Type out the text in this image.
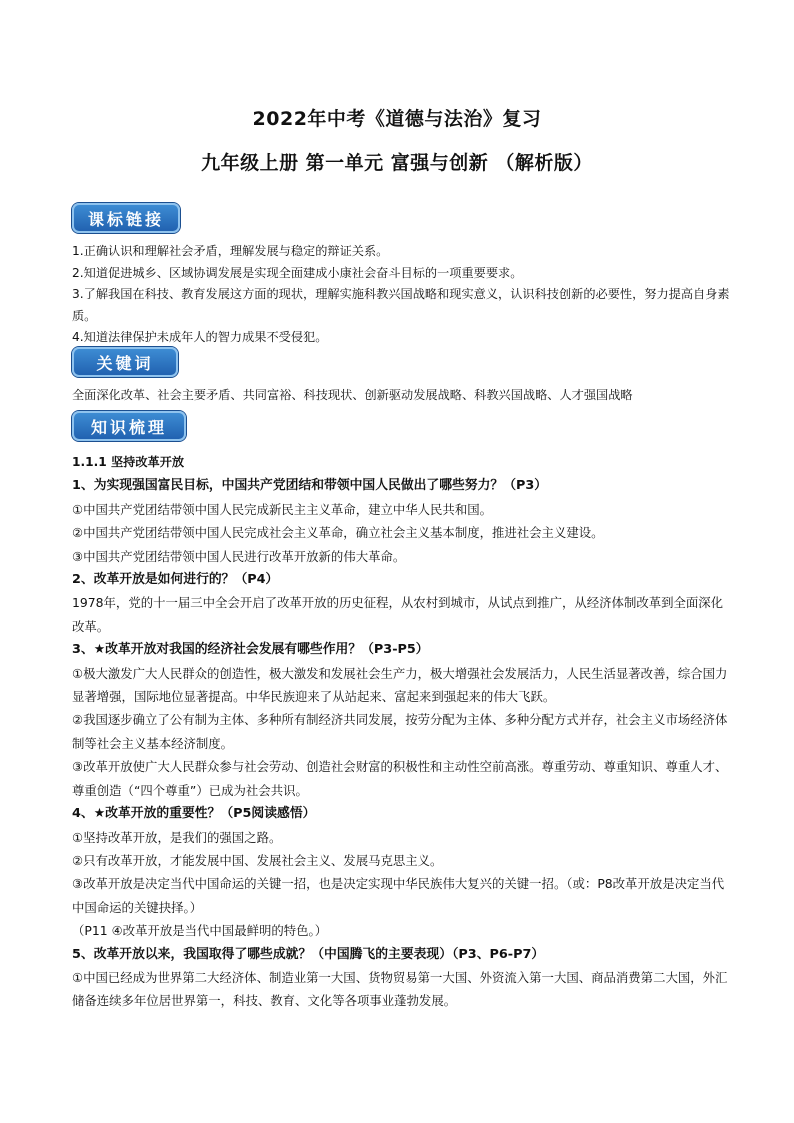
2022年中考《道德与法治》复习
九年级上册 第一单元 富强与创新 （解析版）
课标链接

1.正确认识和理解社会矛盾，理解发展与稳定的辩证关系。

2.知道促进城乡、区域协调发展是实现全面建成小康社会奋斗目标的一项重要要求。

3.了解我国在科技、教育发展这方面的现状，理解实施科教兴国战略和现实意义，认识科技创新的必要性，努力提高自身素质。

4.知道法律保护未成年人的智力成果不受侵犯。

关键词
全面深化改革、社会主要矛盾、共同富裕、科技现状、创新驱动发展战略、科教兴国战略、人才强国战略
知识梳理

1.1.1 坚持改革开放

1、为实现强国富民目标，中国共产党团结和带领中国人民做出了哪些努力？（P3）

①中国共产党团结带领中国人民完成新民主主义革命，建立中华人民共和国。

②中国共产党团结带领中国人民完成社会主义革命，确立社会主义基本制度，推进社会主义建设。

③中国共产党团结带领中国人民进行改革开放新的伟大革命。

2、改革开放是如何进行的？（P4）

1978年，党的十一届三中全会开启了改革开放的历史征程，从农村到城市，从试点到推广，从经济体制改革到全面深化改革。

3、★改革开放对我国的经济社会发展有哪些作用？（P3-P5）

①极大激发广大人民群众的创造性，极大激发和发展社会生产力，极大增强社会发展活力，人民生活显著改善，综合国力显著增强，国际地位显著提高。中华民族迎来了从站起来、富起来到强起来的伟大飞跃。

②我国逐步确立了公有制为主体、多种所有制经济共同发展，按劳分配为主体、多种分配方式并存，社会主义市场经济体制等社会主义基本经济制度。

③改革开放使广大人民群众参与社会劳动、创造社会财富的积极性和主动性空前高涨。尊重劳动、尊重知识、尊重人才、尊重创造（“四个尊重”）已成为社会共识。

4、★改革开放的重要性？（P5阅读感悟）

①坚持改革开放，是我们的强国之路。

②只有改革开放，才能发展中国、发展社会主义、发展马克思主义。

③改革开放是决定当代中国命运的关键一招，也是决定实现中华民族伟大复兴的关键一招。（或：P8改革开放是决定当代中国命运的关键抉择。）

（P11 ④改革开放是当代中国最鲜明的特色。）

5、改革开放以来，我国取得了哪些成就？（中国腾飞的主要表现）（P3、P6-P7）

①中国已经成为世界第二大经济体、制造业第一大国、货物贸易第一大国、外资流入第一大国、商品消费第二大国，外汇储备连续多年位居世界第一，科技、教育、文化等各项事业蓬勃发展。
